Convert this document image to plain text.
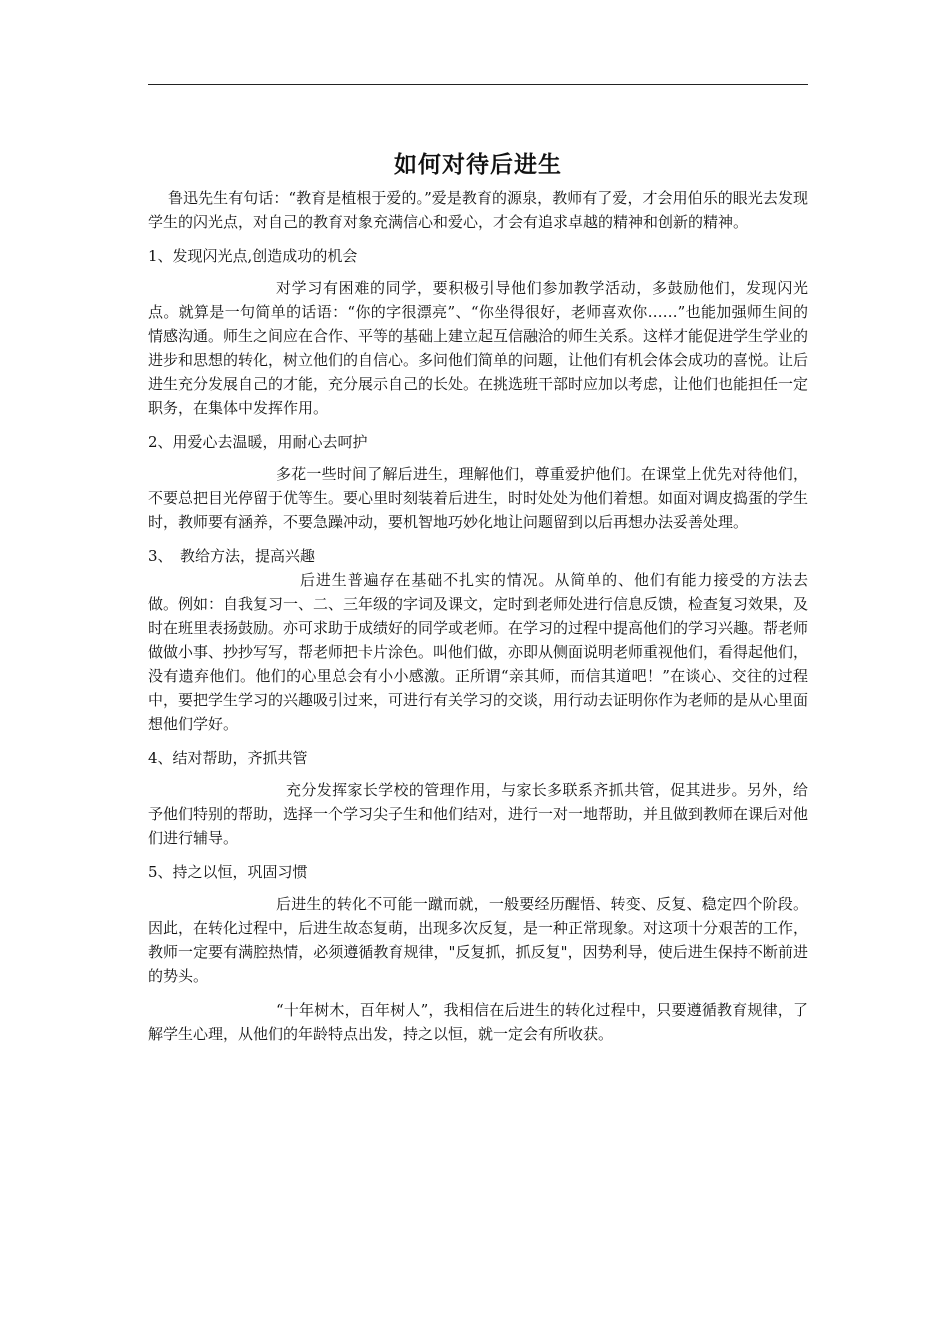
如何对待后进生

鲁迅先生有句话：“教育是植根于爱的。”爱是教育的源泉，教师有了爱，才会用伯乐的眼光去发现学生的闪光点，对自己的教育对象充满信心和爱心，才会有追求卓越的精神和创新的精神。

1、发现闪光点,创造成功的机会

对学习有困难的同学，要积极引导他们参加教学活动，多鼓励他们，发现闪光点。就算是一句简单的话语：“你的字很漂亮”、“你坐得很好，老师喜欢你……”也能加强师生间的情感沟通。师生之间应在合作、平等的基础上建立起互信融洽的师生关系。这样才能促进学生学业的进步和思想的转化，树立他们的自信心。多问他们简单的问题，让他们有机会体会成功的喜悦。让后进生充分发展自己的才能，充分展示自己的长处。在挑选班干部时应加以考虑，让他们也能担任一定职务，在集体中发挥作用。

2、用爱心去温暖，用耐心去呵护

多花一些时间了解后进生，理解他们，尊重爱护他们。在课堂上优先对待他们，不要总把目光停留于优等生。要心里时刻装着后进生，时时处处为他们着想。如面对调皮捣蛋的学生时，教师要有涵养，不要急躁冲动，要机智地巧妙化地让问题留到以后再想办法妥善处理。

3、　教给方法，提高兴趣

后进生普遍存在基础不扎实的情况。从简单的、他们有能力接受的方法去做。例如：自我复习一、二、三年级的字词及课文，定时到老师处进行信息反馈，检查复习效果，及时在班里表扬鼓励。亦可求助于成绩好的同学或老师。在学习的过程中提高他们的学习兴趣。帮老师做做小事、抄抄写写，帮老师把卡片涂色。叫他们做，亦即从侧面说明老师重视他们，看得起他们，没有遗弃他们。他们的心里总会有小小感激。正所谓“亲其师，而信其道吧！”在谈心、交往的过程中，要把学生学习的兴趣吸引过来，可进行有关学习的交谈，用行动去证明你作为老师的是从心里面想他们学好。

4、结对帮助，齐抓共管

充分发挥家长学校的管理作用，与家长多联系齐抓共管，促其进步。另外，给予他们特别的帮助，选择一个学习尖子生和他们结对，进行一对一地帮助，并且做到教师在课后对他们进行辅导。

5、持之以恒，巩固习惯

后进生的转化不可能一蹴而就，一般要经历醒悟、转变、反复、稳定四个阶段。因此，在转化过程中，后进生故态复萌，出现多次反复，是一种正常现象。对这项十分艰苦的工作，教师一定要有满腔热情，必须遵循教育规律，"反复抓，抓反复"，因势利导，使后进生保持不断前进的势头。

“十年树木，百年树人”，我相信在后进生的转化过程中，只要遵循教育规律，了解学生心理，从他们的年龄特点出发，持之以恒，就一定会有所收获。
